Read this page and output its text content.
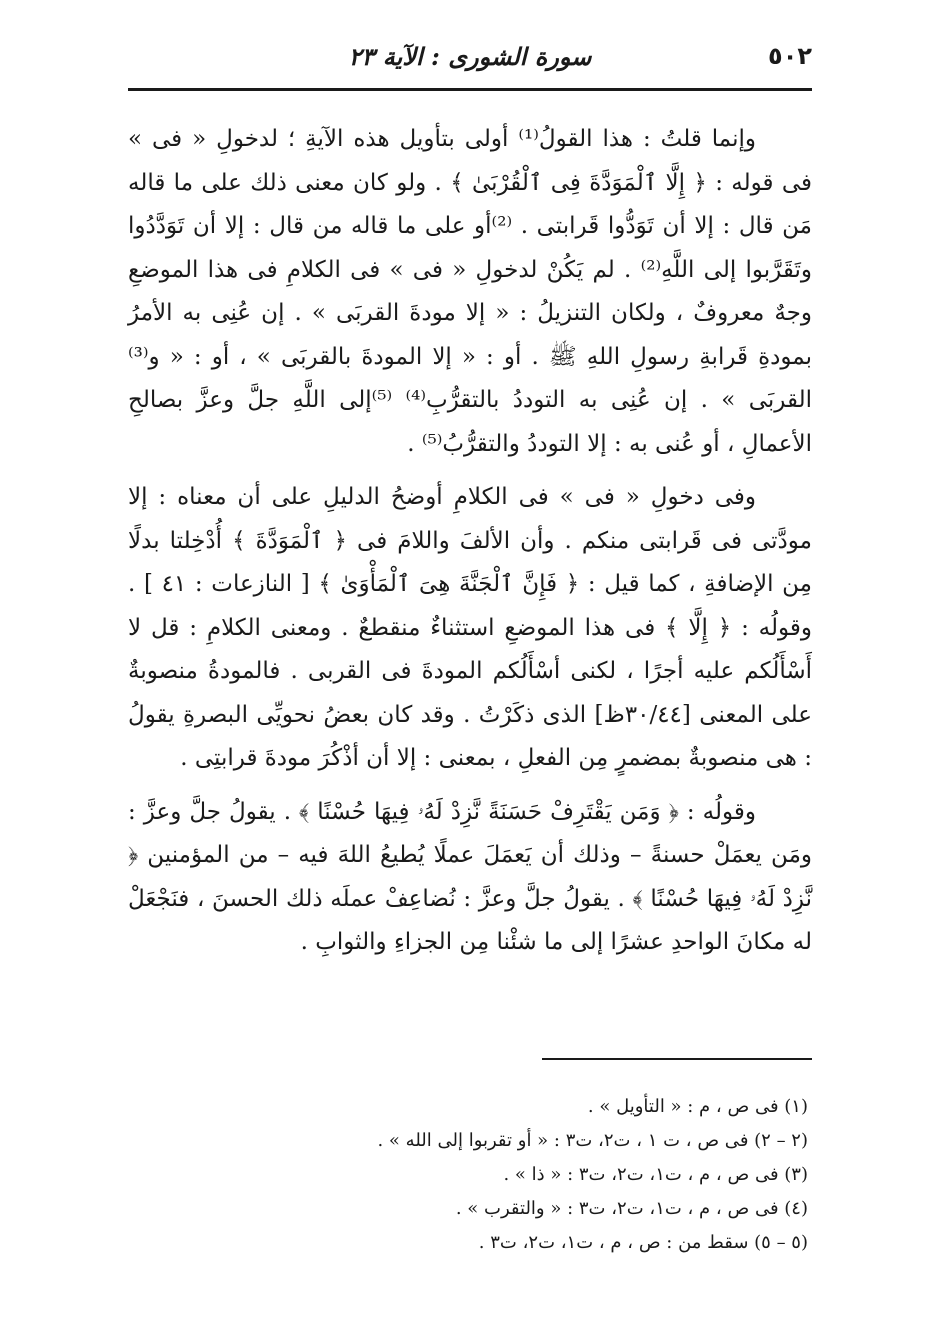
٥٠٢
سورة الشورى : الآية ٢٣

وإنما قلتُ : هذا القولُ⁽¹⁾ أولى بتأويل هذه الآيةِ ؛ لدخولِ « فى » فى قوله : ﴿ إِلَّا ٱلْمَوَدَّةَ فِى ٱلْقُرْبَىٰ ﴾ . ولو كان معنى ذلك على ما قاله مَن قال : إلا أن تَوَدُّوا قَرابتى . ⁽²⁾أو على ما قاله من قال : إلا أن تَوَدَّدُوا وتَقَرَّبوا إلى اللَّهِ⁽²⁾ . لم يَكُنْ لدخولِ « فى » فى الكلامِ فى هذا الموضعِ وجهٌ معروفٌ ، ولكان التنزيلُ : « إلا مودةَ القربَى » . إن عُنِى به الأمرُ بمودةِ قَرابةِ رسولِ اللهِ ﷺ . أو : « إلا المودةَ بالقربَى » ، أو : « و⁽³⁾القربَى » . إن عُنِى به التوددُ بالتقرُّبِ⁽⁴⁾ ⁽⁵⁾إلى اللَّهِ جلَّ وعزَّ بصالحِ الأعمالِ ، أو عُنى به : إلا التوددُ والتقرُّبُ⁽⁵⁾ .

وفى دخولِ « فى » فى الكلامِ أوضحُ الدليلِ على أن معناه : إلا مودَّتى فى قَرابتى منكم . وأن الألفَ واللامَ فى ﴿ ٱلْمَوَدَّةَ ﴾ أُدْخِلتا بدلًا مِن الإضافةِ ، كما قيل : ﴿ فَإِنَّ ٱلْجَنَّةَ هِىَ ٱلْمَأْوَىٰ ﴾ [ النازعات : ٤١ ] . وقولُه : ﴿ إِلَّا ﴾ فى هذا الموضعِ استثناءٌ منقطعٌ . ومعنى الكلامِ : قل لا أَسْأَلُكم عليه أجرًا ، لكنى أسْأَلُكم المودةَ فى القربى . فالمودةُ منصوبةٌ على المعنى [٣٠/٤٤ظ] الذى ذكَرْتُ . وقد كان بعضُ نحويِّى البصرةِ يقولُ : هى منصوبةٌ بمضمرٍ مِن الفعلِ ، بمعنى : إلا أن أذْكُرَ مودةَ قرابتِى .

وقولُه : ﴿ وَمَن يَقْتَرِفْ حَسَنَةً نَّزِدْ لَهُۥ فِيهَا حُسْنًا ﴾ . يقولُ جلَّ وعزَّ : ومَن يعمَلْ حسنةً – وذلك أن يَعمَلَ عملًا يُطيعُ اللهَ فيه – من المؤمنين ﴿ نَّزِدْ لَهُۥ فِيهَا حُسْنًا ﴾ . يقولُ جلَّ وعزَّ : نُضاعِفْ عملَه ذلك الحسنَ ، فنَجْعَلْ له مكانَ الواحدِ عشرًا إلى ما شئْنا مِن الجزاءِ والثوابِ .

(١) فى ص ، م : « التأويل » .

(٢ – ٢) فى ص ، ت ١ ، ت٢، ت٣ : « أو تقربوا إلى الله » .

(٣) فى ص ، م ، ت١، ت٢، ت٣ : « ذا » .

(٤) فى ص ، م ، ت١، ت٢، ت٣ : « والتقرب » .

(٥ – ٥) سقط من : ص ، م ، ت١، ت٢، ت٣ .
